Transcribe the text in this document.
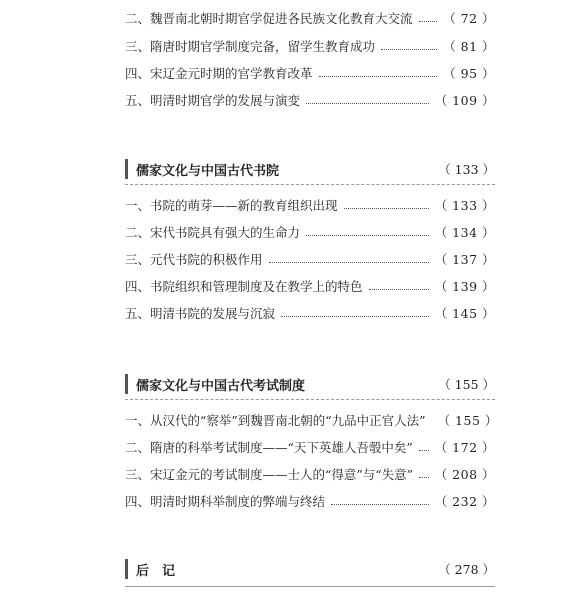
二、魏晋南北朝时期官学促进各民族文化教育大交流 （ 72 ）
三、隋唐时期官学制度完备，留学生教育成功	（ 81 ）
四、宋辽金元时期的官学教育改革	（ 95 ）
五、明清时期官学的发展与演变	（ 109 ）
儒家文化与中国古代书院	（ 133 ）
一、书院的萌芽——新的教育组织出现	（ 133 ）
二、宋代书院具有强大的生命力	（ 134 ）
三、元代书院的积极作用	（ 137 ）
四、书院组织和管理制度及在教学上的特色	（ 139 ）
五、明清书院的发展与沉寂	（ 145 ）
儒家文化与中国古代考试制度	（ 155 ）
一、从汉代的“察举”到魏晋南北朝的“九品中正官人法” （ 155 ）
二、隋唐的科举考试制度——“天下英雄人吾彀中矣” （ 172 ）
三、宋辽金元的考试制度——士人的“得意”与“失意” （ 208 ）
四、明清时期科举制度的弊端与终结	（ 232 ）
后　记	（ 278 ）
